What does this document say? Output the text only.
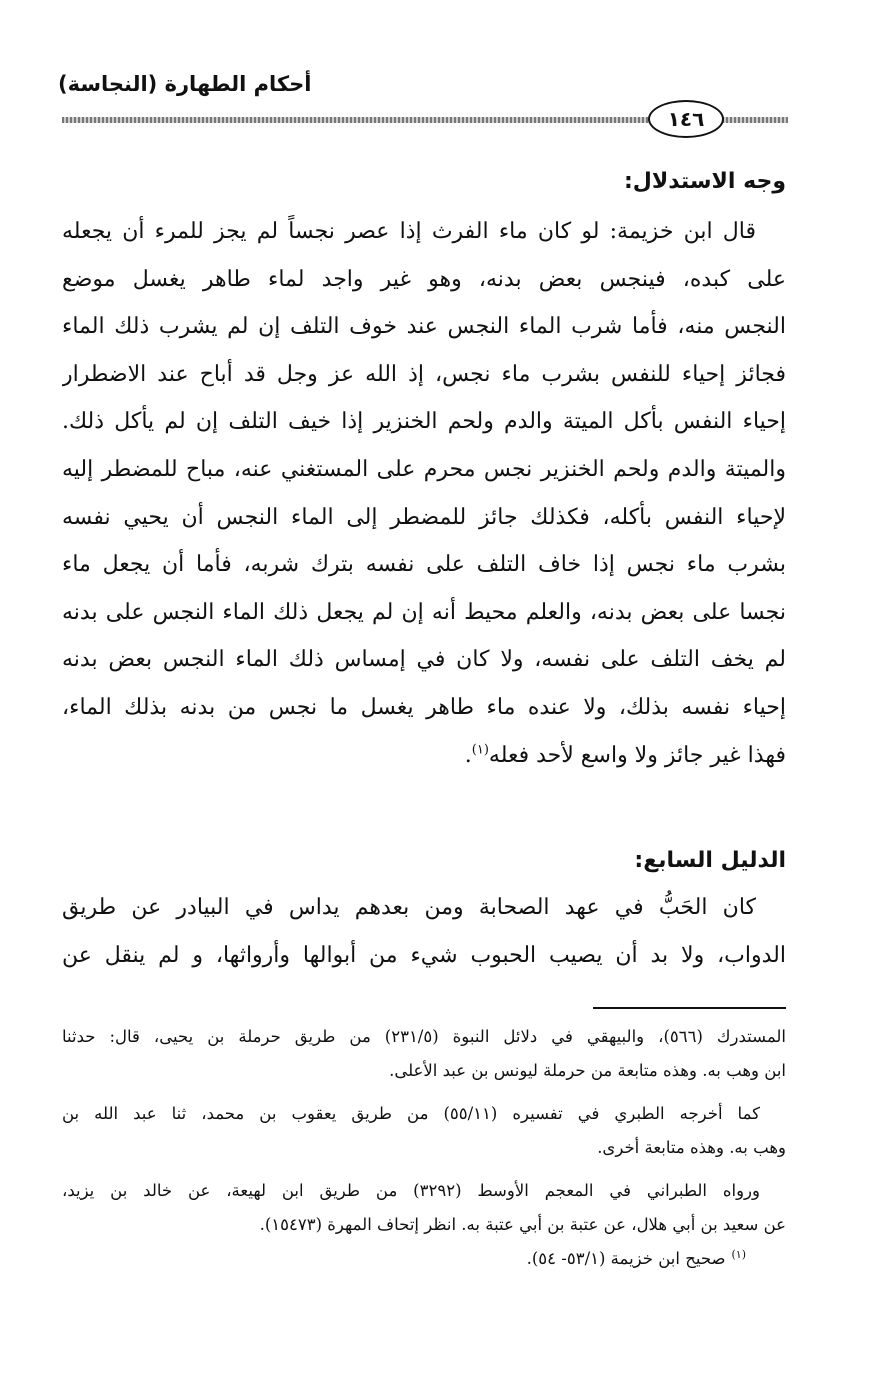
أحكام الطهارة (النجاسة)
١٤٦
وجه الاستدلال:
قال ابن خزيمة: لو كان ماء الفرث إذا عصر نجساً لم يجز للمرء أن يجعله
على كبده، فينجس بعض بدنه، وهو غير واجد لماء طاهر يغسل موضع
النجس منه، فأما شرب الماء النجس عند خوف التلف إن لم يشرب ذلك الماء
فجائز إحياء للنفس بشرب ماء نجس، إذ الله عز وجل قد أباح عند الاضطرار
إحياء النفس بأكل الميتة والدم ولحم الخنزير إذا خيف التلف إن لم يأكل ذلك.
والميتة والدم ولحم الخنزير نجس محرم على المستغني عنه، مباح للمضطر إليه
لإحياء النفس بأكله، فكذلك جائز للمضطر إلى الماء النجس أن يحيي نفسه
بشرب ماء نجس إذا خاف التلف على نفسه بترك شربه، فأما أن يجعل ماء
نجسا على بعض بدنه، والعلم محيط أنه إن لم يجعل ذلك الماء النجس على بدنه
لم يخف التلف على نفسه، ولا كان في إمساس ذلك الماء النجس بعض بدنه
إحياء نفسه بذلك، ولا عنده ماء طاهر يغسل ما نجس من بدنه بذلك الماء،
فهذا غير جائز ولا واسع لأحد فعله$^{(١)}$.
الدليل السابع:
كان الحَبُّ في عهد الصحابة ومن بعدهم يداس في البيادر عن طريق
الدواب، ولا بد أن يصيب الحبوب شيء من أبوالها وأرواثها، و لم ينقل عن
المستدرك (٥٦٦)، والبيهقي في دلائل النبوة (٢٣١/٥) من طريق حرملة بن يحيى، قال: حدثنا
ابن وهب به. وهذه متابعة من حرملة ليونس بن عبد الأعلى.
كما أخرجه الطبري في تفسيره (٥٥/١١) من طريق يعقوب بن محمد، ثنا عبد الله بن
وهب به. وهذه متابعة أخرى.
ورواه الطبراني في المعجم الأوسط (٣٢٩٢) من طريق ابن لهيعة، عن خالد بن يزيد،
عن سعيد بن أبي هلال، عن عتبة بن أبي عتبة به. انظر إتحاف المهرة (١٥٤٧٣).
$^{(١)}$صحيح ابن خزيمة (٥٣/١- ٥٤).
